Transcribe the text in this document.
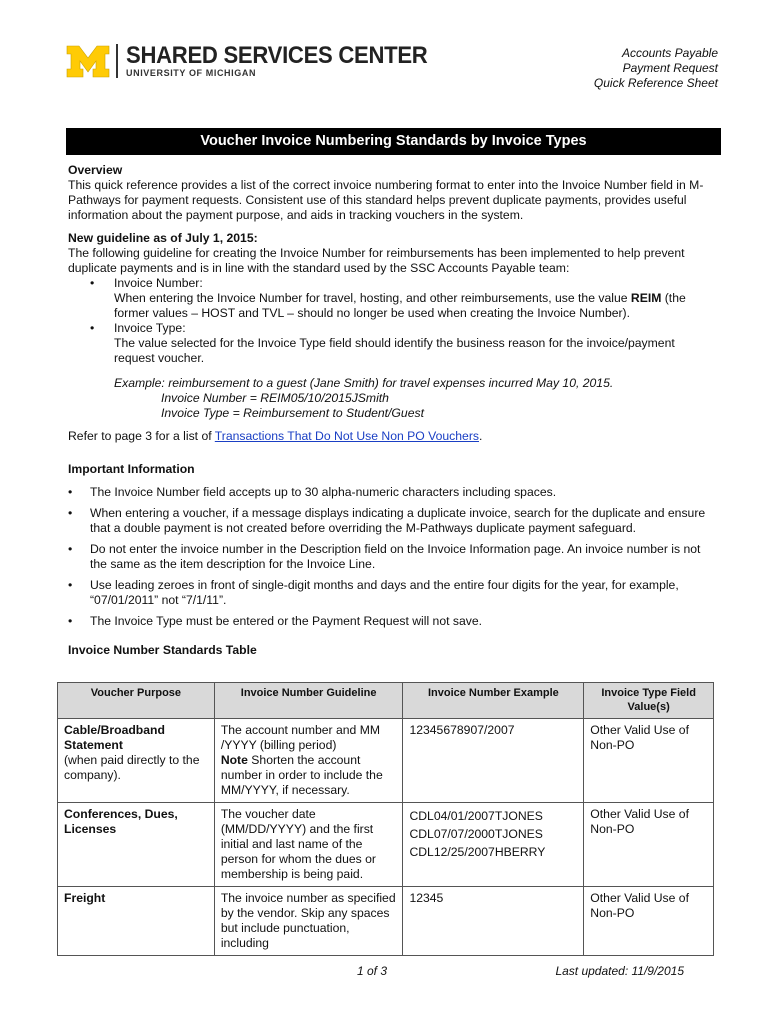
SHARED SERVICES CENTER
UNIVERSITY OF MICHIGAN
Accounts Payable
Payment Request
Quick Reference Sheet
Voucher Invoice Numbering Standards by Invoice Types

Overview

This quick reference provides a list of the correct invoice numbering format to enter into the Invoice Number field in M-Pathways for payment requests. Consistent use of this standard helps prevent duplicate payments, provides useful information about the payment purpose, and aids in tracking vouchers in the system.

New guideline as of July 1, 2015:

The following guideline for creating the Invoice Number for reimbursements has been implemented to help prevent duplicate payments and is in line with the standard used by the SSC Accounts Payable team:

• Invoice Number:
When entering the Invoice Number for travel, hosting, and other reimbursements, use the value REIM (the former values – HOST and TVL – should no longer be used when creating the Invoice Number).
• Invoice Type:
The value selected for the Invoice Type field should identify the business reason for the invoice/payment request voucher.
Example: reimbursement to a guest (Jane Smith) for travel expenses incurred May 10, 2015.
Invoice Number = REIM05/10/2015JSmith
Invoice Type = Reimbursement to Student/Guest

Refer to page 3 for a list of Transactions That Do Not Use Non PO Vouchers.

Important Information

• The Invoice Number field accepts up to 30 alpha-numeric characters including spaces.
• When entering a voucher, if a message displays indicating a duplicate invoice, search for the duplicate and ensure that a double payment is not created before overriding the M-Pathways duplicate payment safeguard.
• Do not enter the invoice number in the Description field on the Invoice Information page. An invoice number is not the same as the item description for the Invoice Line.
• Use leading zeroes in front of single-digit months and days and the entire four digits for the year, for example, “07/01/2011” not “7/1/11”.
• The Invoice Type must be entered or the Payment Request will not save.

Invoice Number Standards Table

Voucher Purpose	Invoice Number Guideline	Invoice Number Example	Invoice Type Field Value(s)
Cable/Broadband Statement
(when paid directly to the company).	The account number and MM /YYYY (billing period)
Note Shorten the account number in order to include the MM/YYYY, if necessary.	12345678907/2007	Other Valid Use of Non-PO
Conferences, Dues, Licenses	The voucher date (MM/DD/YYYY) and the first initial and last name of the person for whom the dues or membership is being paid.	CDL04/01/2007TJONES
CDL07/07/2000TJONES
CDL12/25/2007HBERRY	Other Valid Use of Non-PO
Freight	The invoice number as specified by the vendor. Skip any spaces but include punctuation, including	12345	Other Valid Use of Non-PO
1 of 3	Last updated: 11/9/2015
